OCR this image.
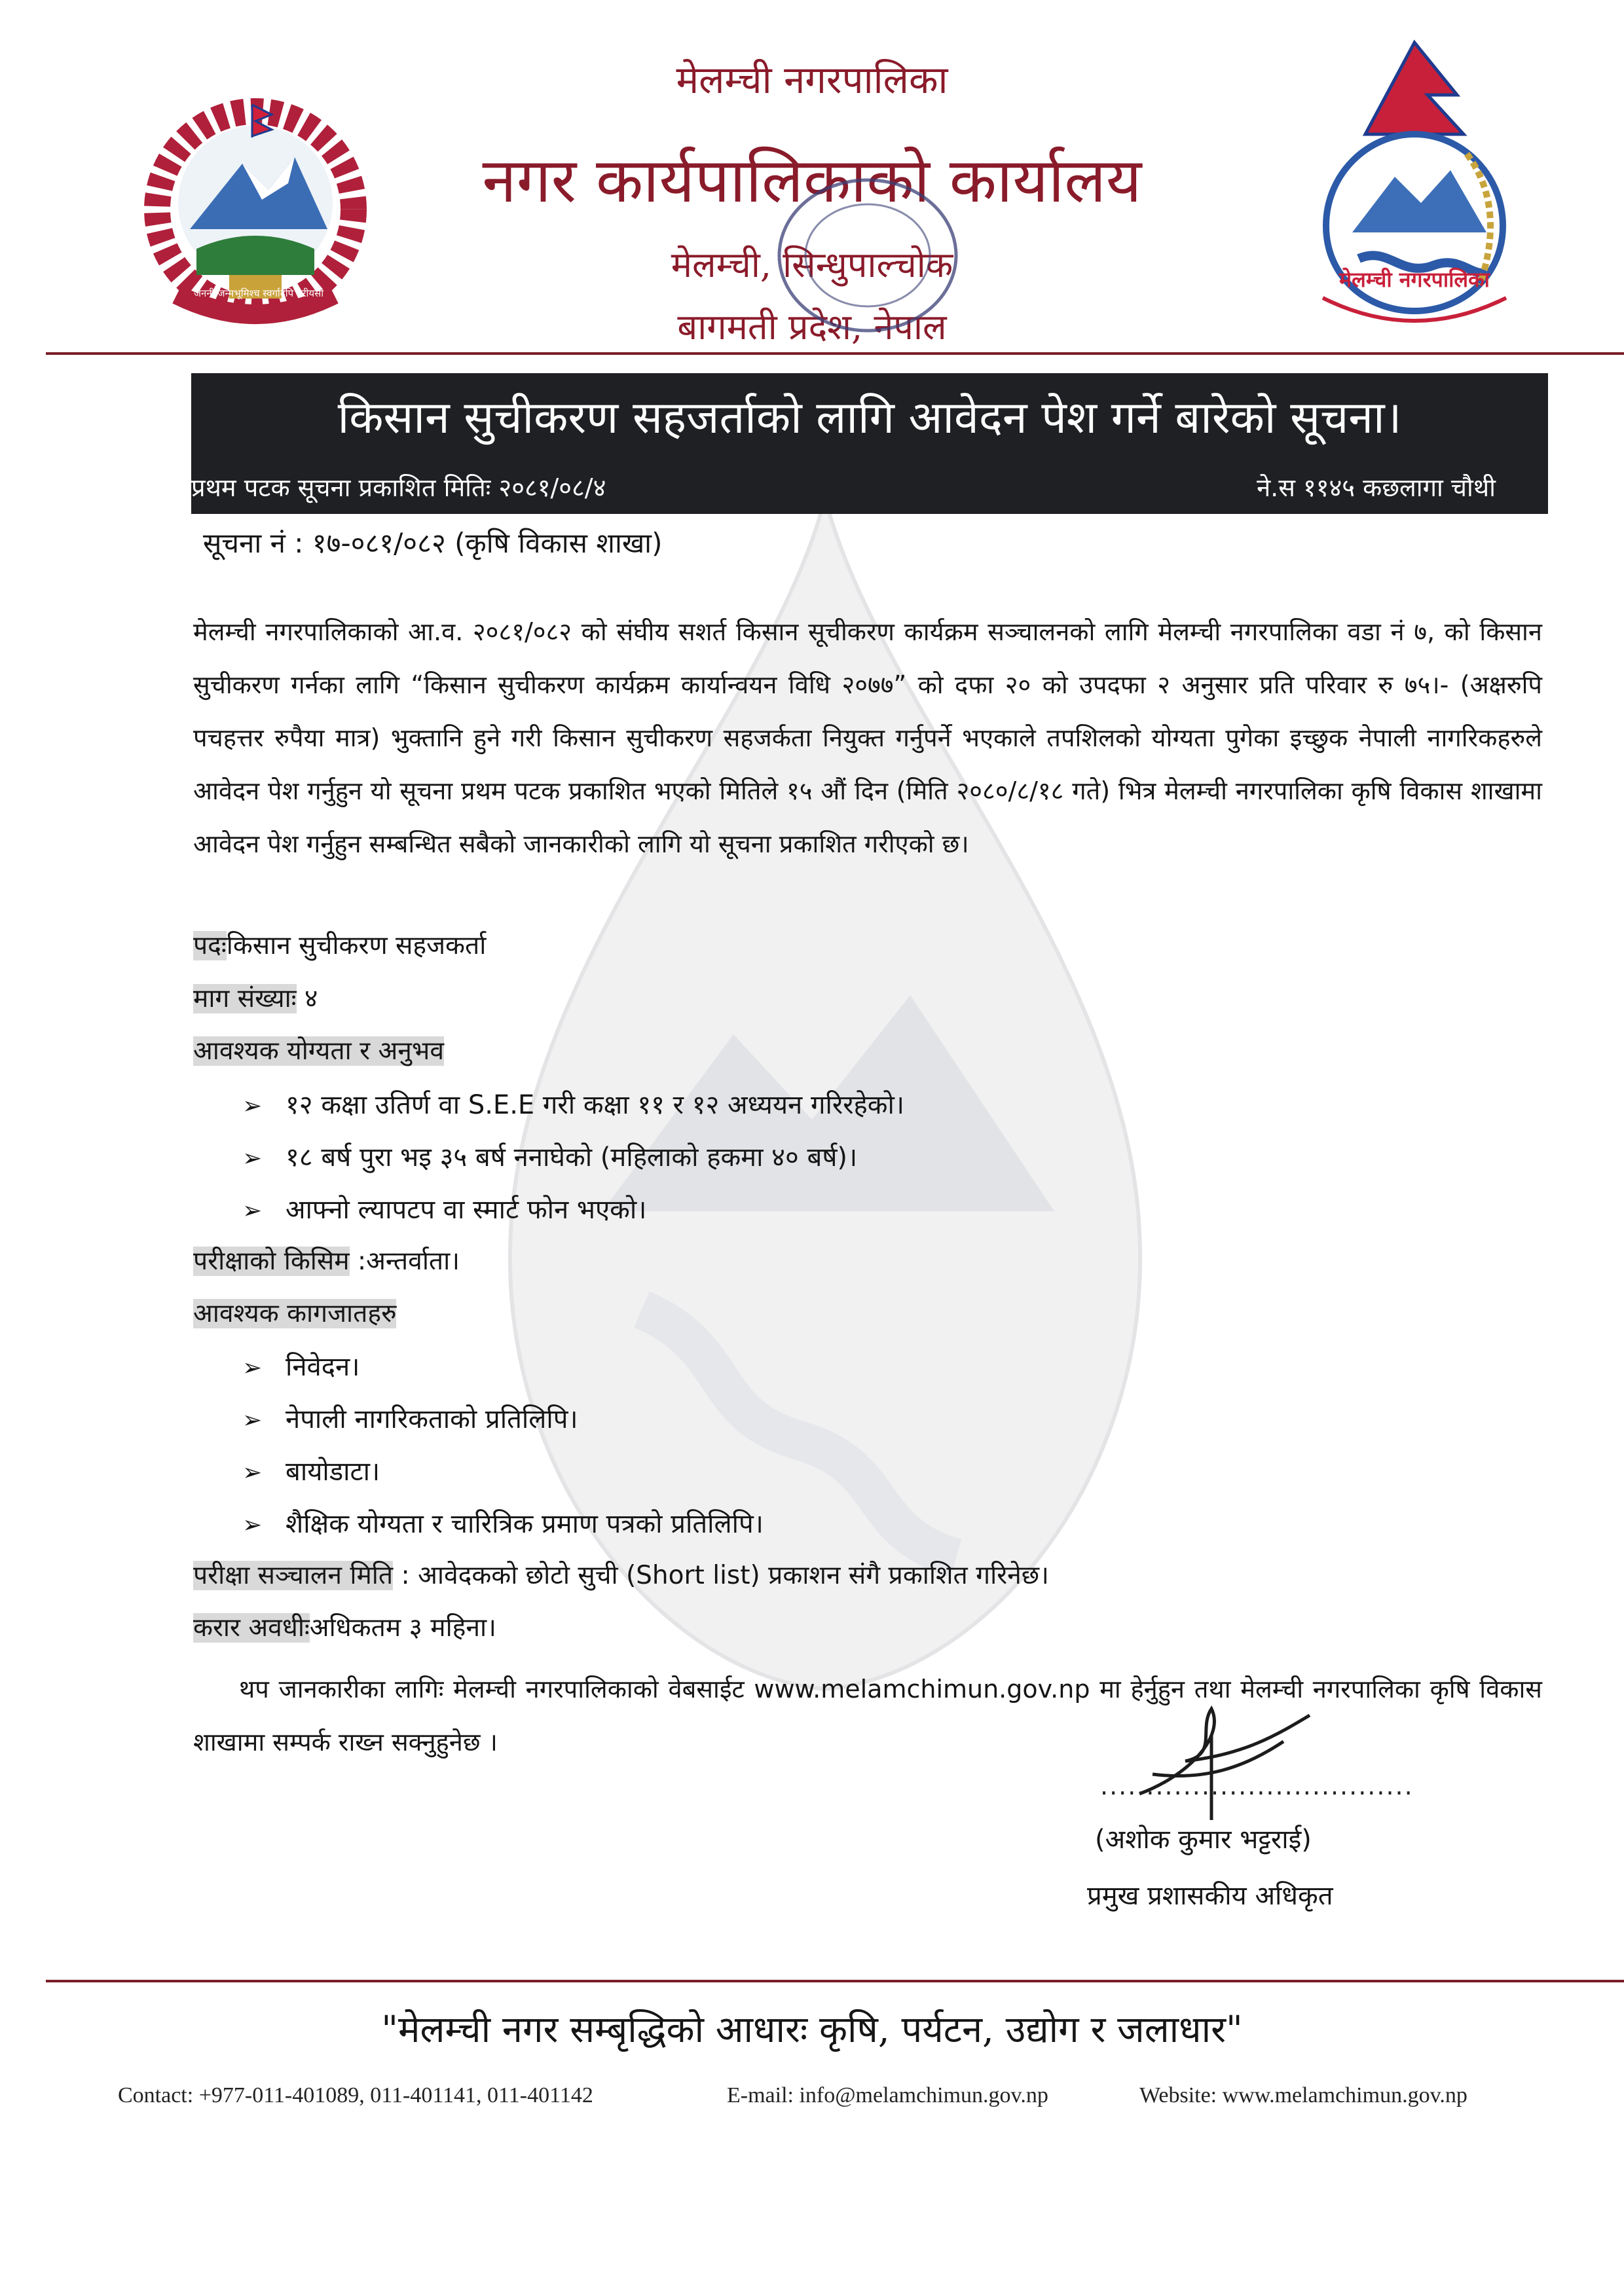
जननी जन्मभूमिश्च स्वर्गादपि गरीयसी
मेलम्ची नगरपालिका
मेलम्ची नगरपालिका
नगर कार्यपालिकाको कार्यालय
मेलम्ची, सिन्धुपाल्चोक
बागमती प्रदेश, नेपाल
किसान सुचीकरण सहजर्ताको लागि आवेदन पेश गर्ने बारेको सूचना।
प्रथम पटक सूचना प्रकाशित मितिः २०८१/०८/४	ने.स ११४५ कछलागा चौथी
सूचना नं : १७-०८१/०८२ (कृषि विकास शाखा)
मेलम्ची नगरपालिकाको आ.व. २०८१/०८२ को संघीय सशर्त किसान सूचीकरण कार्यक्रम सञ्चालनको लागि मेलम्ची नगरपालिका वडा नं ७, को किसान सुचीकरण गर्नका लागि “किसान सुचीकरण कार्यक्रम कार्यान्वयन विधि २०७७” को दफा २० को उपदफा २ अनुसार प्रति परिवार रु ७५।- (अक्षरुपि पचहत्तर रुपैया मात्र) भुक्तानि हुने गरी किसान सुचीकरण सहजर्कता नियुक्त गर्नुपर्ने भएकाले तपशिलको योग्यता पुगेका इच्छुक नेपाली नागरिकहरुले आवेदन पेश गर्नुहुन यो सूचना प्रथम पटक प्रकाशित भएको मितिले १५ औं दिन (मिति २०८०/८/१८ गते) भित्र मेलम्ची नगरपालिका कृषि विकास शाखामा आवेदन पेश गर्नुहुन सम्बन्धित सबैको जानकारीको लागि यो सूचना प्रकाशित गरीएको छ।
पदःकिसान सुचीकरण सहजकर्ता
माग संख्याः ४
आवश्यक योग्यता र अनुभव
➢ १२ कक्षा उतिर्ण वा S.E.E गरी कक्षा ११ र १२ अध्ययन गरिरहेको।
➢ १८ बर्ष पुरा भइ ३५ बर्ष ननाघेको (महिलाको हकमा ४० बर्ष)।
➢ आफ्नो ल्यापटप वा स्मार्ट फोन भएको।
परीक्षाको किसिम :अन्तर्वाता।
आवश्यक कागजातहरु
➢ निवेदन।
➢ नेपाली नागरिकताको प्रतिलिपि।
➢ बायोडाटा।
➢ शैक्षिक योग्यता र चारित्रिक प्रमाण पत्रको प्रतिलिपि।
परीक्षा सञ्चालन मिति : आवेदकको छोटो सुची (Short list) प्रकाशन संगै प्रकाशित गरिनेछ।
करार अवधीःअधिकतम ३ महिना।
थप जानकारीका लागिः मेलम्ची नगरपालिकाको वेबसाईट www.melamchimun.gov.np मा हेर्नुहुन तथा मेलम्ची नगरपालिका कृषि विकास शाखामा सम्पर्क राख्न सक्नुहुनेछ ।
..................................
(अशोक कुमार भट्टराई)
प्रमुख प्रशासकीय अधिकृत
"मेलम्ची नगर सम्बृद्धिको आधारः कृषि, पर्यटन, उद्योग र जलाधार"
Contact: +977-011-401089, 011-401141, 011-401142	E-mail: info@melamchimun.gov.np	Website: www.melamchimun.gov.np
